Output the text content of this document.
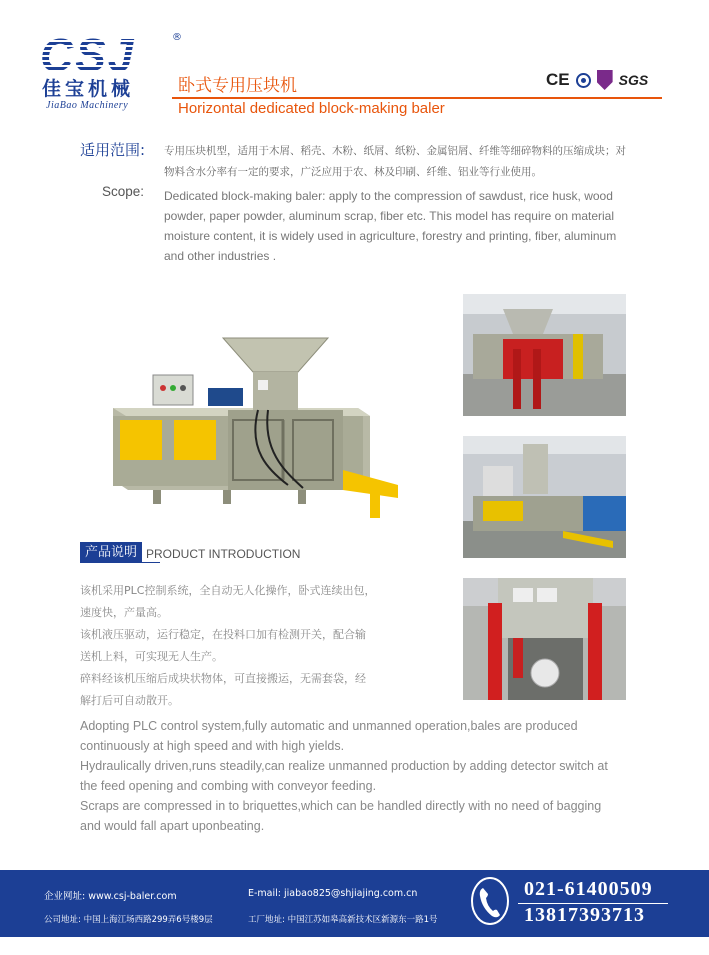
CSJ	®
佳宝机械
JiaBao Machinery
卧式专用压块机
Horizontal dedicated block-making baler
CE	SGS
适用范围: 专用压块机型，适用于木屑、稻壳、木粉、纸屑、纸粉、金属铝屑、纤维等细碎物料的压缩成块；对物料含水分率有一定的要求，广泛应用于农、林及印刷、纤维、铝业等行业使用。
Scope: Dedicated block-making baler: apply to the compression of sawdust, rice husk, wood powder, paper powder, aluminum scrap, fiber etc. This model has require on material moisture content, it is widely used in agriculture, forestry and printing, fiber, aluminum and other industries .
产品说明 PRODUCT INTRODUCTION
该机采用PLC控制系统，全自动无人化操作，卧式连续出包，
速度快，产量高。
该机液压驱动，运行稳定，在投料口加有检测开关，配合输
送机上料，可实现无人生产。
碎料经该机压缩后成块状物体，可直接搬运，无需套袋，经
解打后可自动散开。
Adopting PLC control system,fully automatic and unmanned operation,bales are produced
continuously at high speed and with high yields.
Hydraulically driven,runs steadily,can realize unmanned production by adding detector switch at
the feed opening and combing with conveyor feeding.
Scraps are compressed in to briquettes,which can be handled directly with no need of bagging
and would fall apart uponbeating.
企业网址: www.csj-baler.com	E-mail: jiabao825@shjiajing.com.cn
公司地址: 中国上海江场西路299弄6号楼9层	工厂地址: 中国江苏如皋高新技术区新源东一路1号
021-61400509
13817393713
